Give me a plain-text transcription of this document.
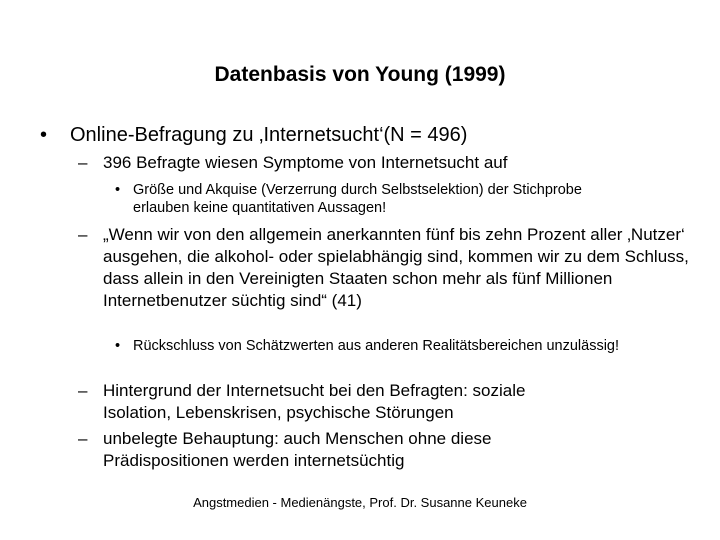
Datenbasis von Young (1999)
•	Online-Befragung zu ‚Internetsucht‘(N = 496)
– 396 Befragte wiesen Symptome von Internetsucht auf
• Größe und Akquise (Verzerrung durch Selbstselektion) der Stichprobe erlauben keine quantitativen Aussagen!
– „Wenn wir von den allgemein anerkannten fünf bis zehn Prozent aller ‚Nutzer‘ ausgehen, die alkohol- oder spielabhängig sind, kommen wir zu dem Schluss, dass allein in den Vereinigten Staaten schon mehr als fünf Millionen Internetbenutzer süchtig sind“ (41)
• Rückschluss von Schätzwerten aus anderen Realitätsbereichen unzulässig!
– Hintergrund der Internetsucht bei den Befragten: soziale Isolation, Lebenskrisen, psychische Störungen
– unbelegte Behauptung: auch Menschen ohne diese Prädispositionen werden internetsüchtig
Angstmedien - Medienängste, Prof. Dr. Susanne Keuneke
